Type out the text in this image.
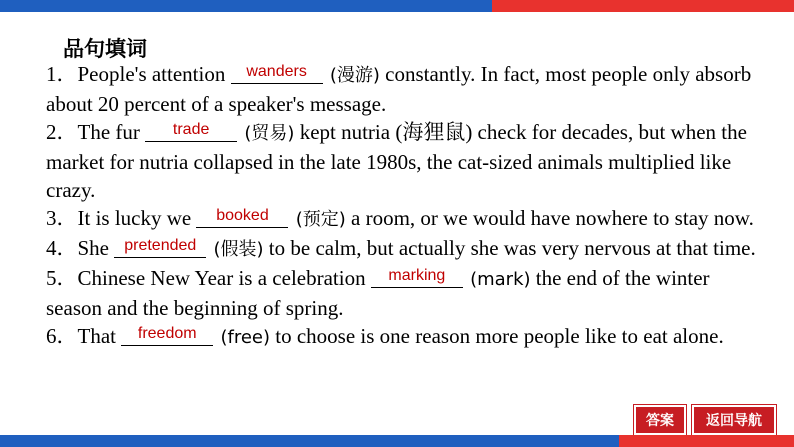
品句填词

1．People's attention wanders (漫游) constantly. In fact, most people only absorb about 20 percent of a speaker's message.

2．The fur trade (贸易) kept nutria (海狸鼠) check for decades, but when the market for nutria collapsed in the late 1980s, the cat-sized animals multiplied like crazy.

3．It is lucky we booked (预定) a room, or we would have nowhere to stay now.

4．She pretended (假装) to be calm, but actually she was very nervous at that time.

5．Chinese New Year is a celebration marking (mark) the end of the winter season and the beginning of spring.

6．That freedom (free) to choose is one reason more people like to eat alone.

答案	返回导航
